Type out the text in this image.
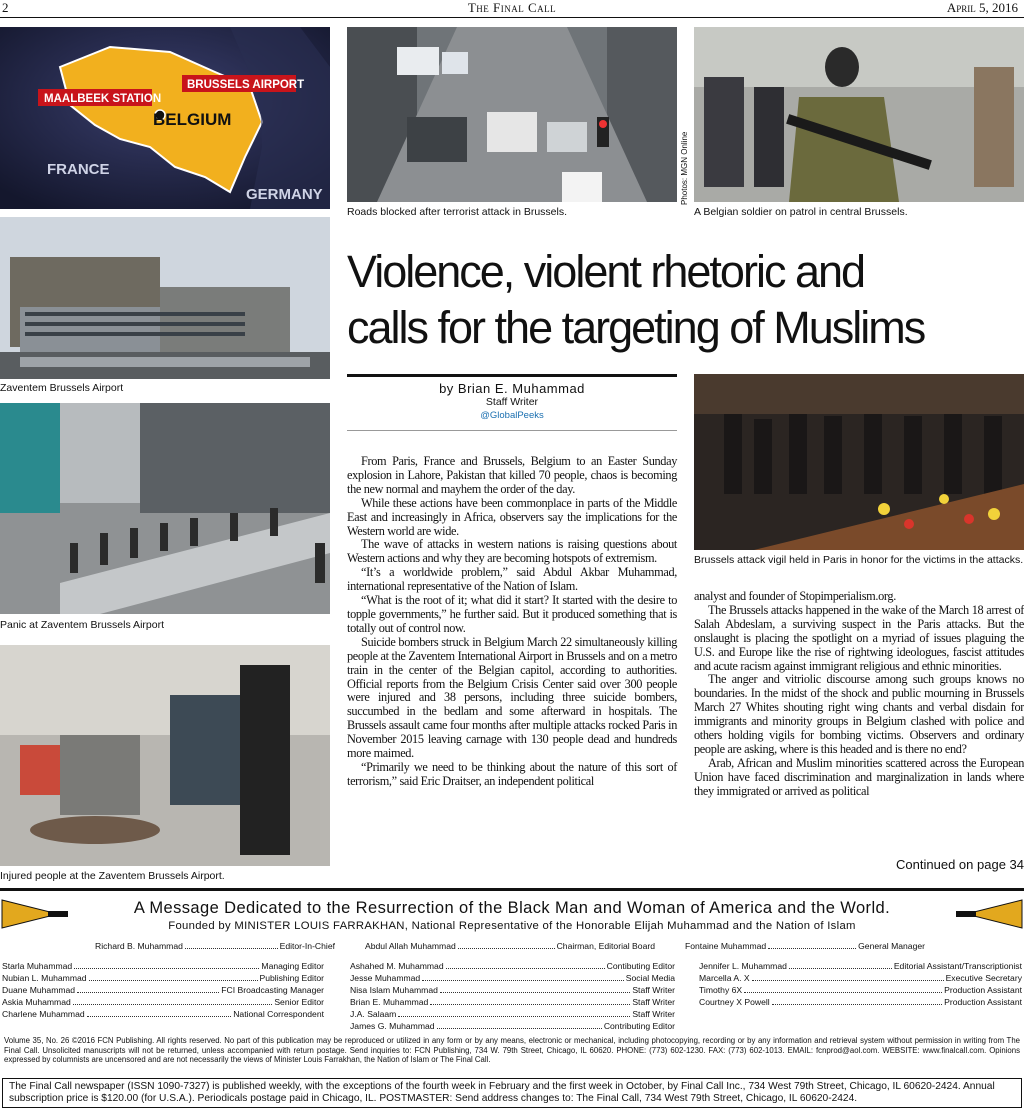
2	The Final Call	April 5, 2016
MAALBEEK STATION
BRUSSELS AIRPORT
BELGIUM
FRANCE
GERMANY
Roads blocked after terrorist attack in Brussels.
Photos: MGN Online
A Belgian soldier on patrol in central Brussels.
Zaventem Brussels Airport
Panic at Zaventem Brussels Airport
Injured people at the Zaventem Brussels Airport.
Violence, violent rhetoric and
calls for the targeting of Muslims
by Brian E. Muhammad
Staff Writer
@GlobalPeeks

From Paris, France and Brussels, Belgium to an Easter Sunday explosion in Lahore, Pakistan that killed 70 people, chaos is becoming the new normal and mayhem the order of the day.

While these actions have been commonplace in parts of the Middle East and increasingly in Africa, observers say the implications for the Western world are wide.

The wave of attacks in western nations is raising questions about Western actions and why they are becoming hotspots of extremism.

“It’s a worldwide problem,” said Abdul Akbar Muhammad, international representative of the Nation of Islam.

“What is the root of it; what did it start? It started with the desire to topple governments,” he further said. But it produced something that is totally out of control now.

Suicide bombers struck in Belgium March 22 simultaneously killing people at the Zaventem International Airport in Brussels and on a metro train in the center of the Belgian capitol, according to authorities. Official reports from the Belgium Crisis Center said over 300 people were injured and 38 persons, including three suicide bombers, succumbed in the bedlam and some afterward in hospitals. The Brussels assault came four months after multiple attacks rocked Paris in November 2015 leaving carnage with 130 people dead and hundreds more maimed.

“Primarily we need to be thinking about the nature of this sort of terrorism,” said Eric Draitser, an independent political

Brussels attack vigil held in Paris in honor for the victims in the attacks.

analyst and founder of Stopimperialism.org.

The Brussels attacks happened in the wake of the March 18 arrest of Salah Abdeslam, a surviving suspect in the Paris attacks. But the onslaught is placing the spotlight on a myriad of issues plaguing the U.S. and Europe like the rise of rightwing ideologues, fascist attitudes and acute racism against immigrant religious and ethnic minorities.

The anger and vitriolic discourse among such groups knows no boundaries. In the midst of the shock and public mourning in Brussels March 27 Whites shouting right wing chants and verbal disdain for immigrants and minority groups in Belgium clashed with police and others holding vigils for bombing victims. Observers and ordinary people are asking, where is this headed and is there no end?

Arab, African and Muslim minorities scattered across the European Union have faced discrimination and marginalization in lands where they immigrated or arrived as political

Continued on page 34
A Message Dedicated to the Resurrection of the Black Man and Woman of America and the World.
Founded by MINISTER LOUIS FARRAKHAN, National Representative of the Honorable Elijah Muhammad and the Nation of Islam
Richard B. Muhammad	Editor-In-Chief	Abdul Allah Muhammad	Chairman, Editorial Board	Fontaine Muhammad	General Manager
Starla Muhammad	Managing Editor
Nubian L. Muhammad	Publishing Editor
Duane Muhammad	FCI Broadcasting Manager
Askia Muhammad	Senior Editor
Charlene Muhammad	National Correspondent
Ashahed M. Muhammad	Contibuting Editor
Jesse Muhammad	Social Media
Nisa Islam Muhammad	Staff Writer
Brian E. Muhammad	Staff Writer
J.A. Salaam	Staff Writer
James G. Muhammad	Contributing Editor
Jennifer L. Muhammad	Editorial Assistant/Transcriptionist
Marcella A. X	Executive Secretary
Timothy 6X	Production Assistant
Courtney X Powell	Production Assistant
Volume 35, No. 26 ©2016 FCN Publishing. All rights reserved. No part of this publication may be reproduced or utilized in any form or by any means, electronic or mechanical, including photocopying, recording or by any information and retrieval system without permission in writing from The Final Call. Unsolicited manuscripts will not be returned, unless accompanied with return postage. Send inquiries to: FCN Publishing, 734 W. 79th Street, Chicago, IL 60620. PHONE: (773) 602-1230. FAX: (773) 602-1013. EMAIL: fcnprod@aol.com. WEBSITE: www.finalcall.com. Opinions expressed by columnists are uncensored and are not necessarily the views of Minister Louis Farrakhan, the Nation of Islam or The Final Call.
The Final Call newspaper (ISSN 1090-7327) is published weekly, with the exceptions of the fourth week in February and the first week in October, by Final Call Inc., 734 West 79th Street, Chicago, IL 60620-2424. Annual subscription price is $120.00 (for U.S.A.). Periodicals postage paid in Chicago, IL. POSTMASTER: Send address changes to: The Final Call, 734 West 79th Street, Chicago, IL 60620-2424.
